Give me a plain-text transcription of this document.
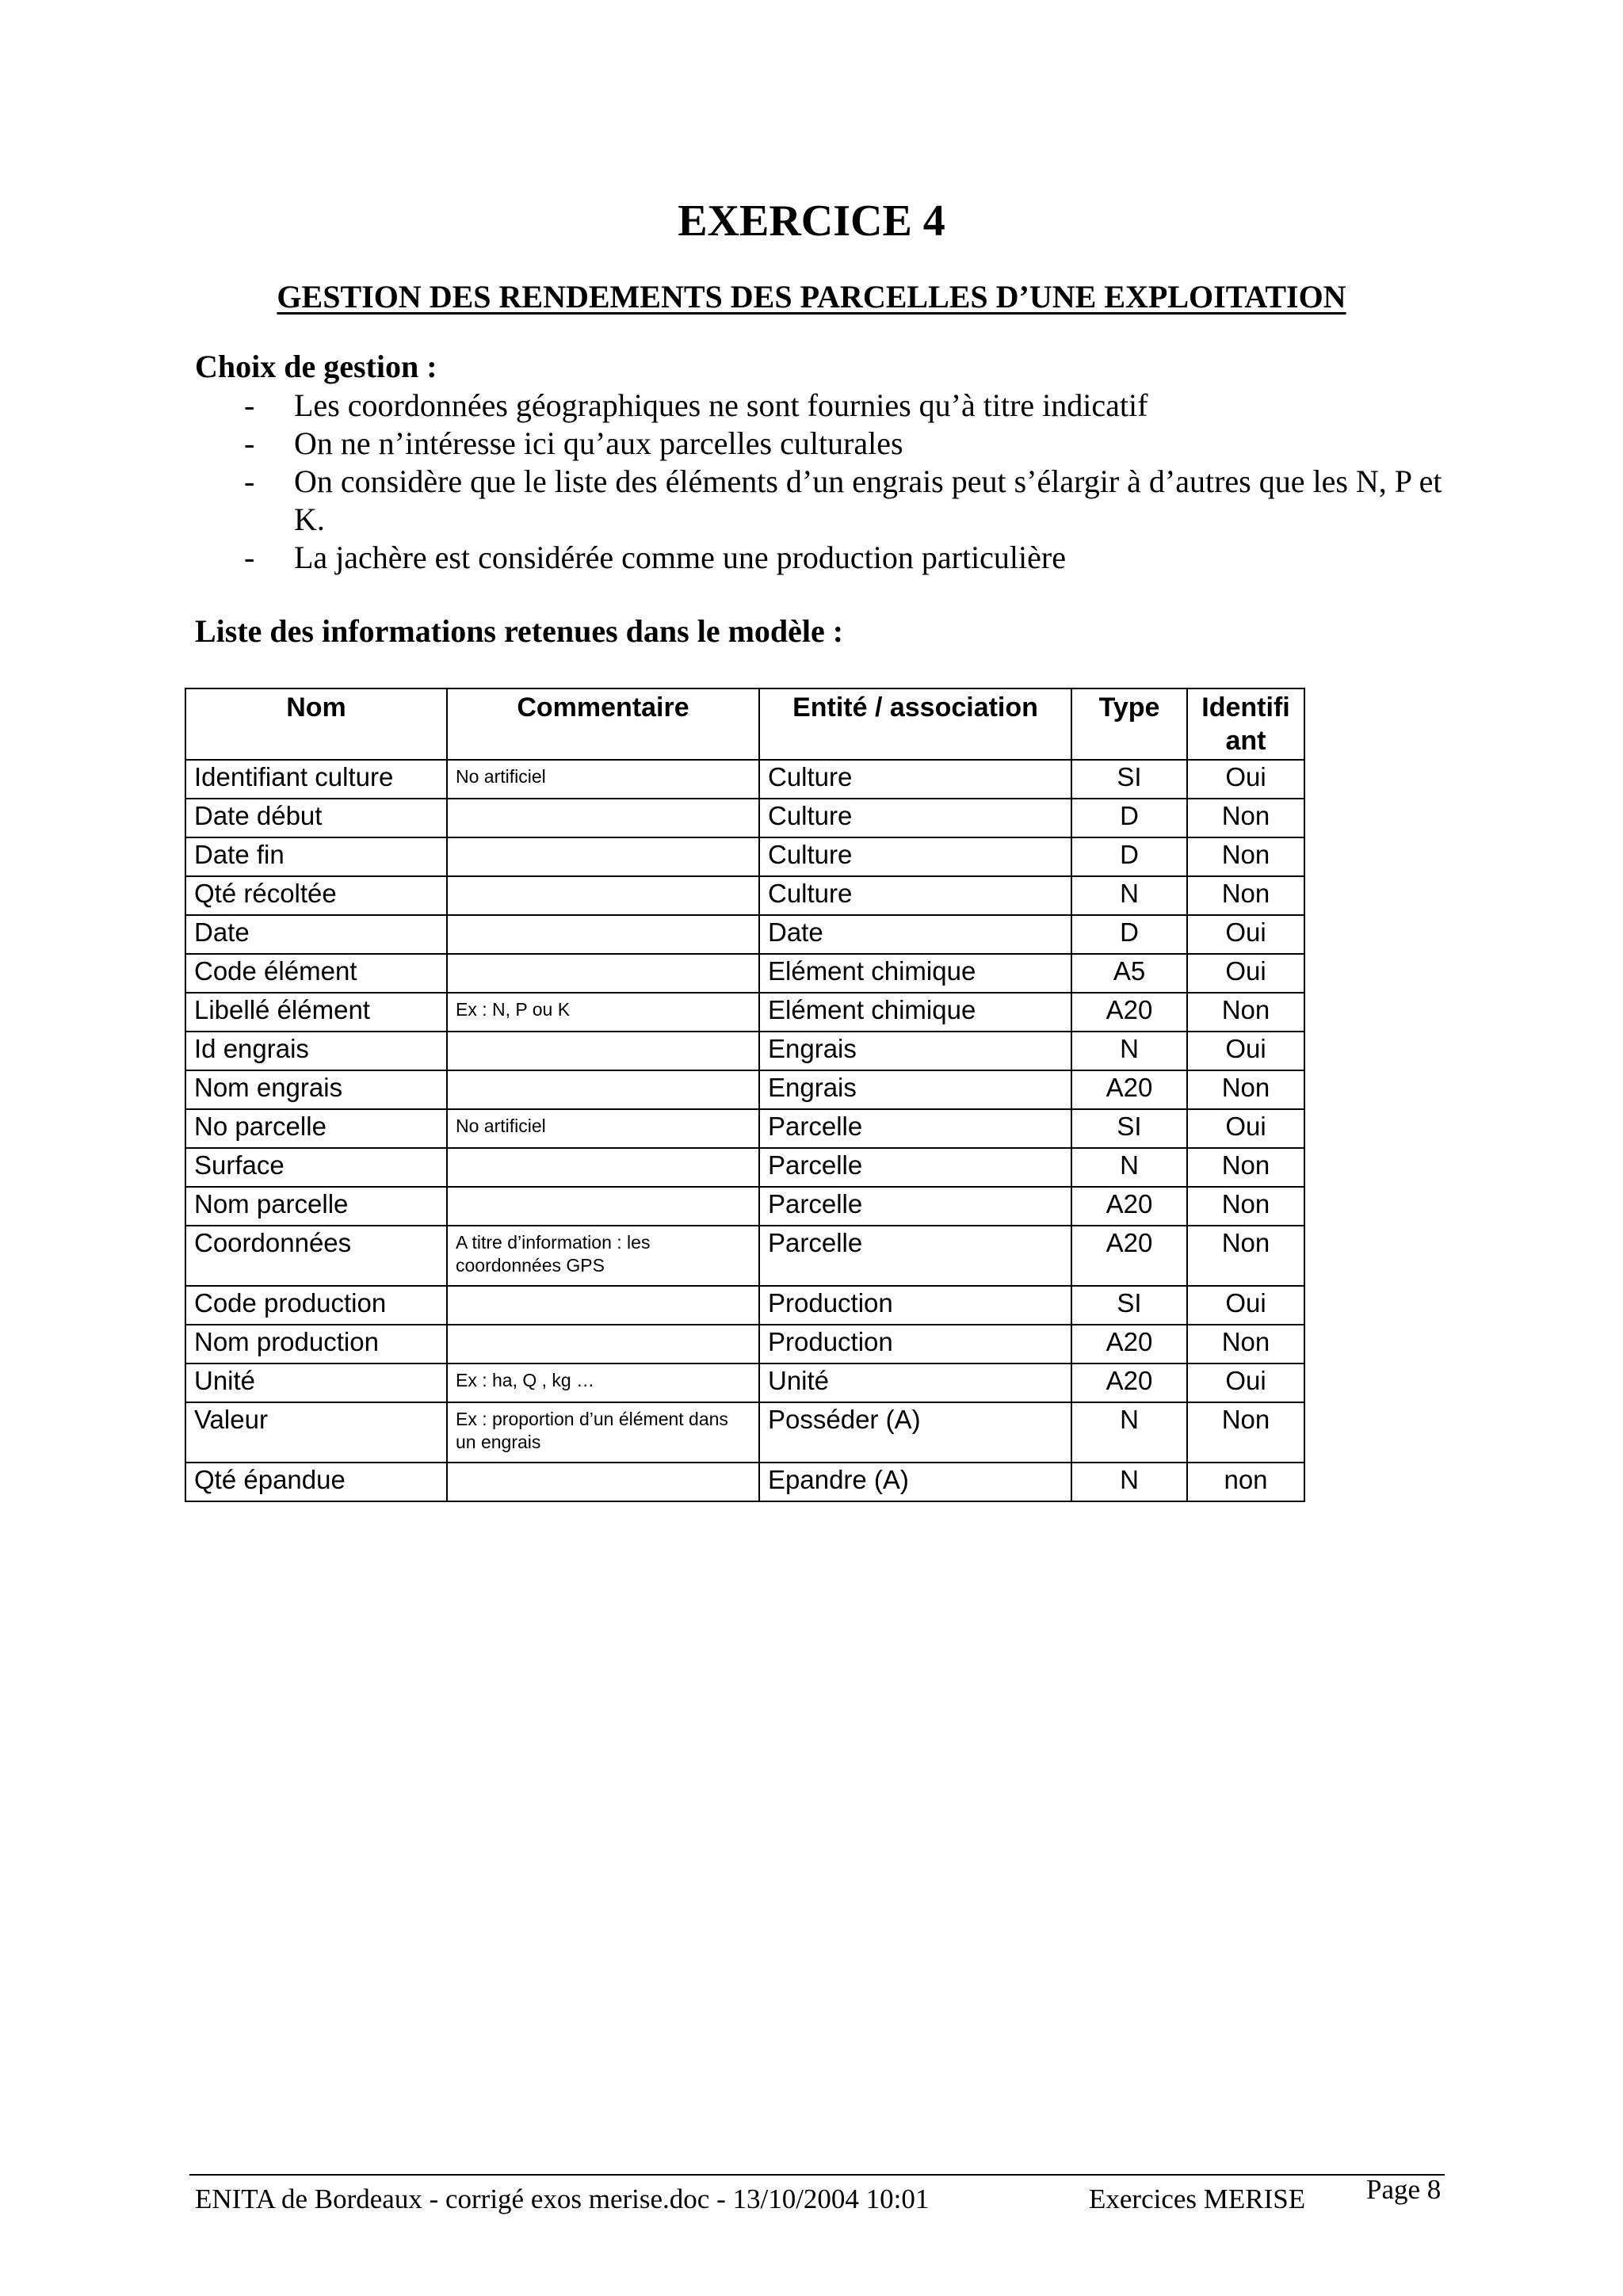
EXERCICE 4
GESTION DES RENDEMENTS DES PARCELLES D’UNE EXPLOITATION
Choix de gestion :
- Les coordonnées géographiques ne sont fournies qu’à titre indicatif
- On ne n’intéresse ici qu’aux parcelles culturales
- On considère que le liste des éléments d’un engrais peut s’élargir à d’autres que les N, P et K.
- La jachère est considérée comme une production particulière
Liste des informations retenues dans le modèle :
Nom	Commentaire	Entité / association	Type	Identifi ant
Identifiant culture	No artificiel	Culture	SI	Oui
Date début		Culture	D	Non
Date fin		Culture	D	Non
Qté récoltée		Culture	N	Non
Date		Date	D	Oui
Code élément		Elément chimique	A5	Oui
Libellé élément	Ex : N, P ou K	Elément chimique	A20	Non
Id engrais		Engrais	N	Oui
Nom engrais		Engrais	A20	Non
No parcelle	No artificiel	Parcelle	SI	Oui
Surface		Parcelle	N	Non
Nom parcelle		Parcelle	A20	Non
Coordonnées	A titre d’information : les coordonnées GPS	Parcelle	A20	Non
Code production		Production	SI	Oui
Nom production		Production	A20	Non
Unité	Ex : ha, Q , kg …	Unité	A20	Oui
Valeur	Ex : proportion d’un élément dans un engrais	Posséder (A)	N	Non
Qté épandue		Epandre (A)	N	non
ENITA de Bordeaux - corrigé exos merise.doc - 13/10/2004 10:01	Exercices MERISE Page 8
